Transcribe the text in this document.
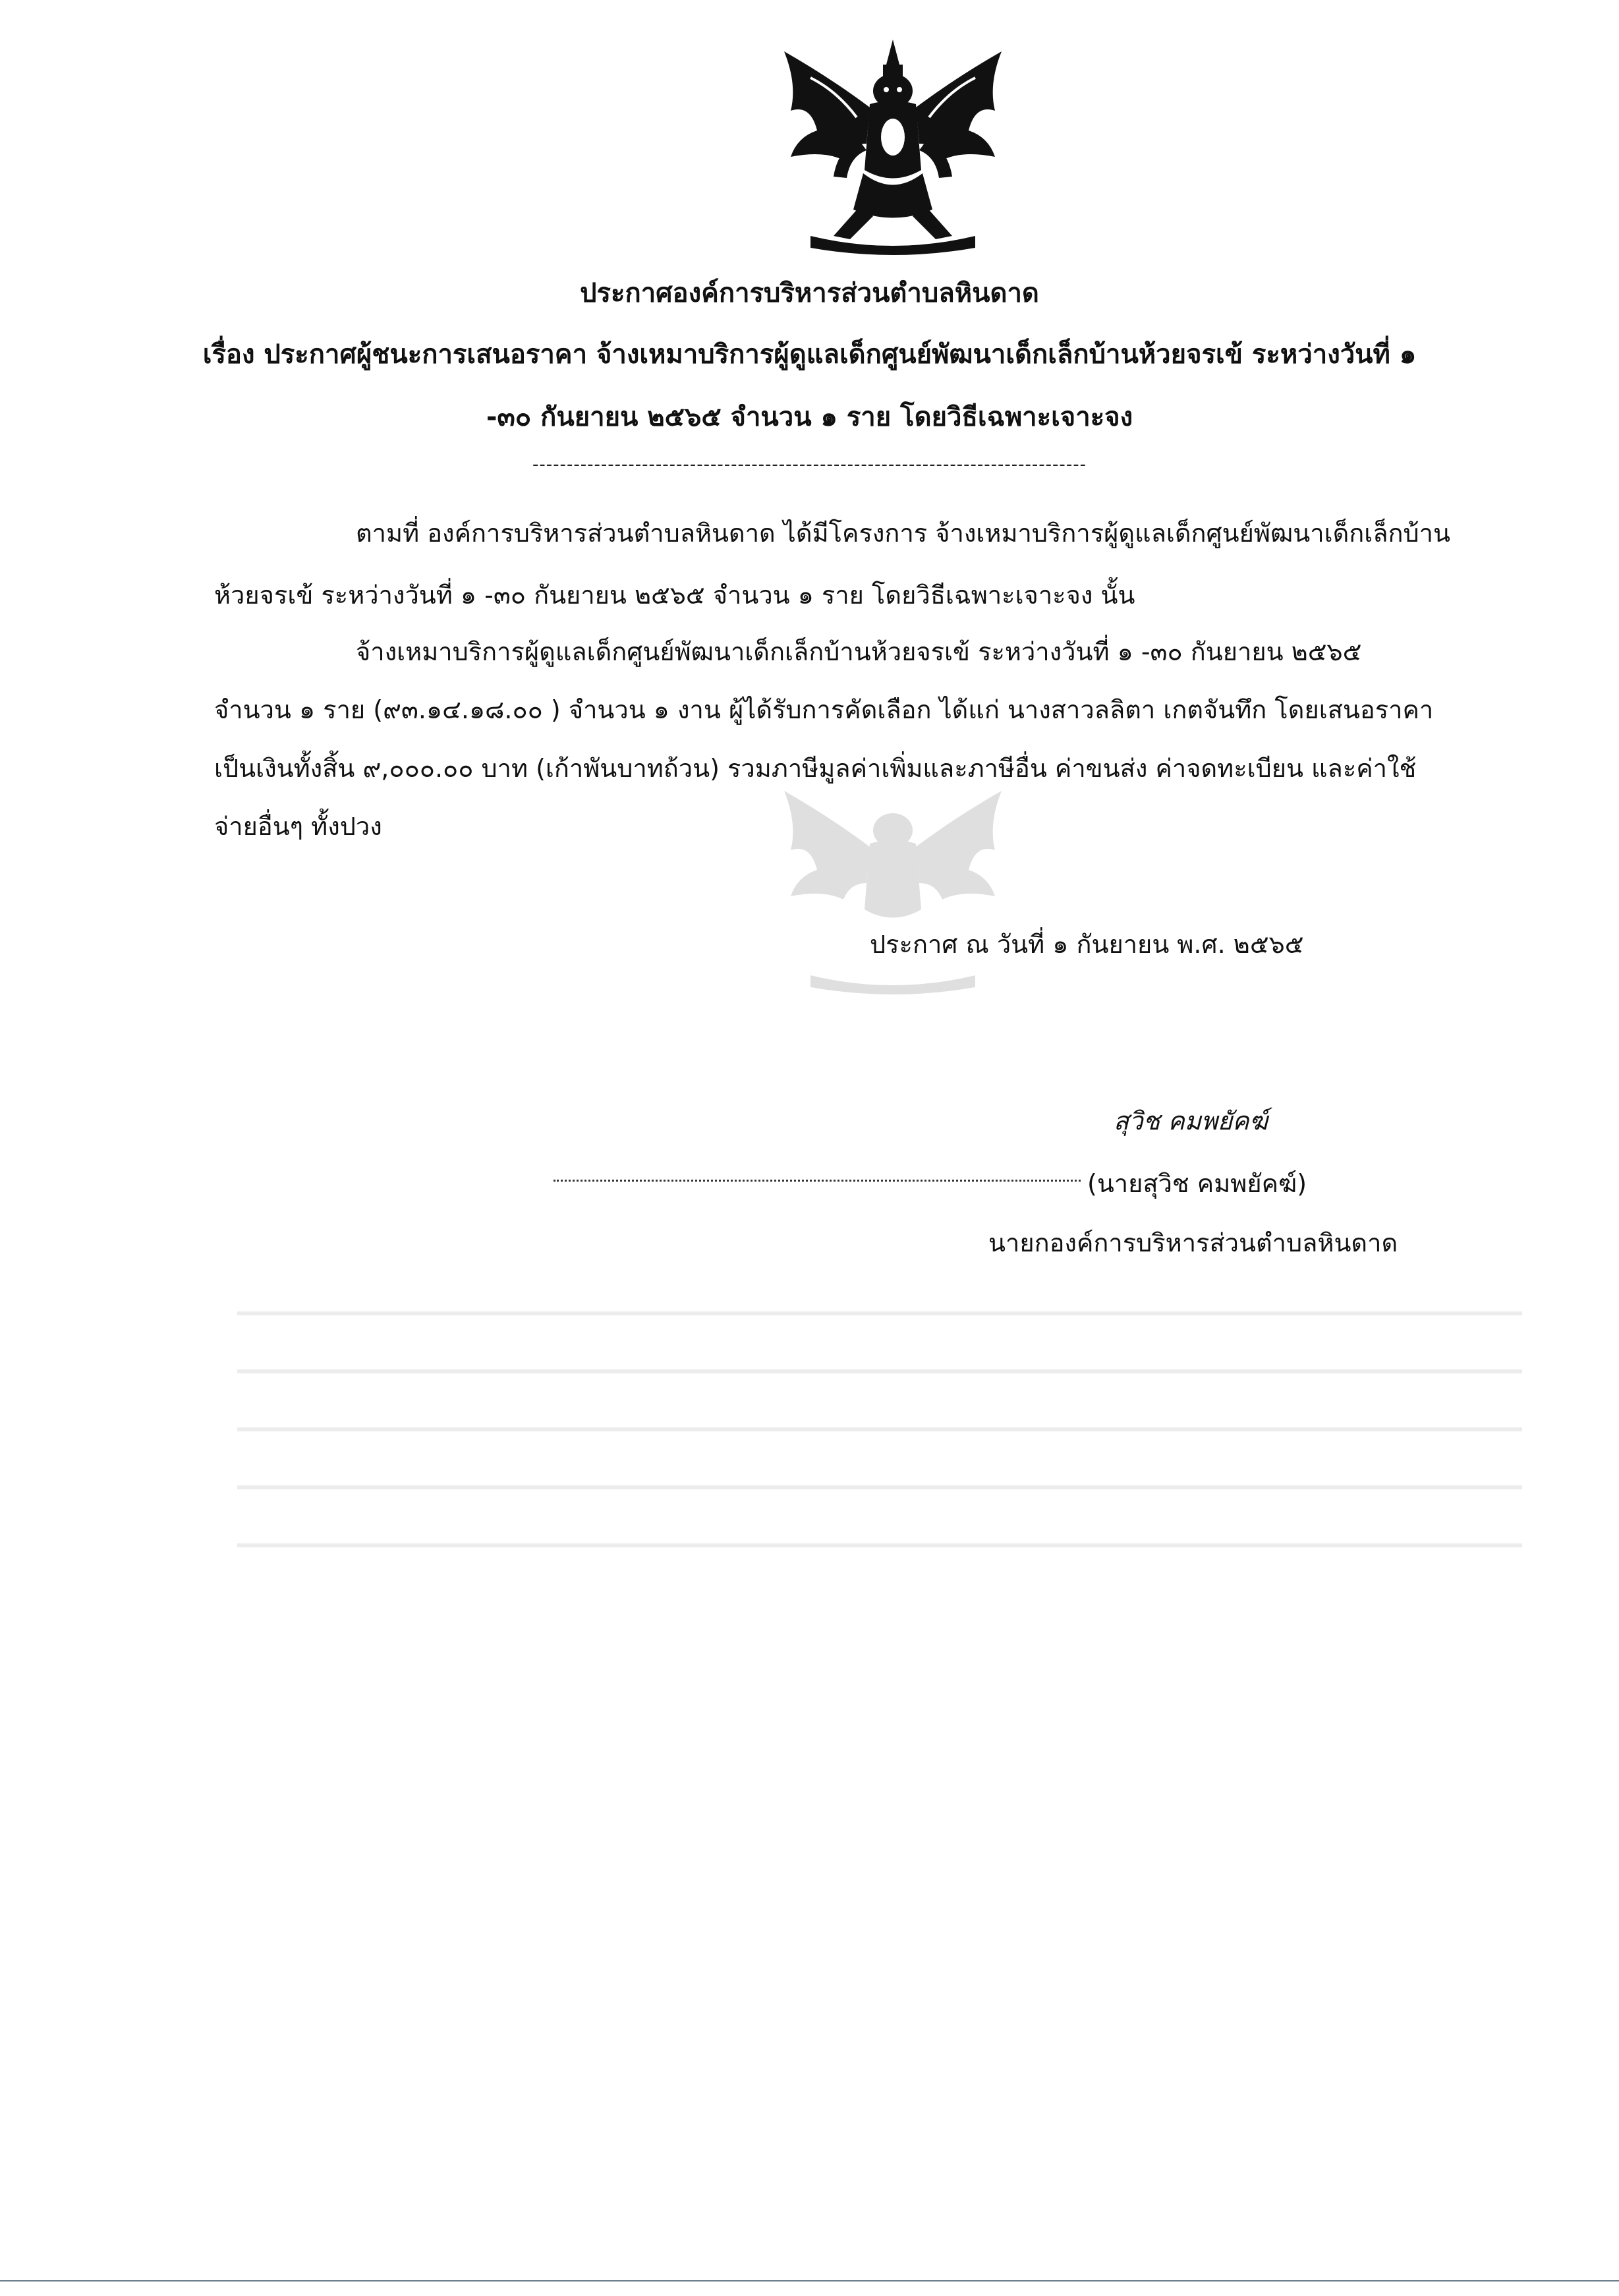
ประกาศองค์การบริหารส่วนตำบลหินดาด
เรื่อง ประกาศผู้ชนะการเสนอราคา จ้างเหมาบริการผู้ดูแลเด็กศูนย์พัฒนาเด็กเล็กบ้านห้วยจรเข้ ระหว่างวันที่ ๑
-๓๐ กันยายน ๒๕๖๕ จำนวน ๑ ราย โดยวิธีเฉพาะเจาะจง
---------------------------------------------------------------------------------
ตามที่ องค์การบริหารส่วนตำบลหินดาด ได้มีโครงการ จ้างเหมาบริการผู้ดูแลเด็กศูนย์พัฒนาเด็กเล็กบ้าน
ห้วยจรเข้ ระหว่างวันที่ ๑ -๓๐ กันยายน ๒๕๖๕ จำนวน ๑ ราย โดยวิธีเฉพาะเจาะจง นั้น
จ้างเหมาบริการผู้ดูแลเด็กศูนย์พัฒนาเด็กเล็กบ้านห้วยจรเข้ ระหว่างวันที่ ๑ -๓๐ กันยายน ๒๕๖๕
จำนวน ๑ ราย (๙๓.๑๔.๑๘.๐๐ ) จำนวน ๑ งาน ผู้ได้รับการคัดเลือก ได้แก่ นางสาวลลิตา เกตจันทึก โดยเสนอราคา
เป็นเงินทั้งสิ้น ๙,๐๐๐.๐๐ บาท (เก้าพันบาทถ้วน) รวมภาษีมูลค่าเพิ่มและภาษีอื่น ค่าขนส่ง ค่าจดทะเบียน และค่าใช้
จ่ายอื่นๆ ทั้งปวง
ประกาศ ณ วันที่ ๑ กันยายน พ.ศ. ๒๕๖๕
สุวิช คมพยัคฆ์
(นายสุวิช คมพยัคฆ์)
นายกองค์การบริหารส่วนตำบลหินดาด
